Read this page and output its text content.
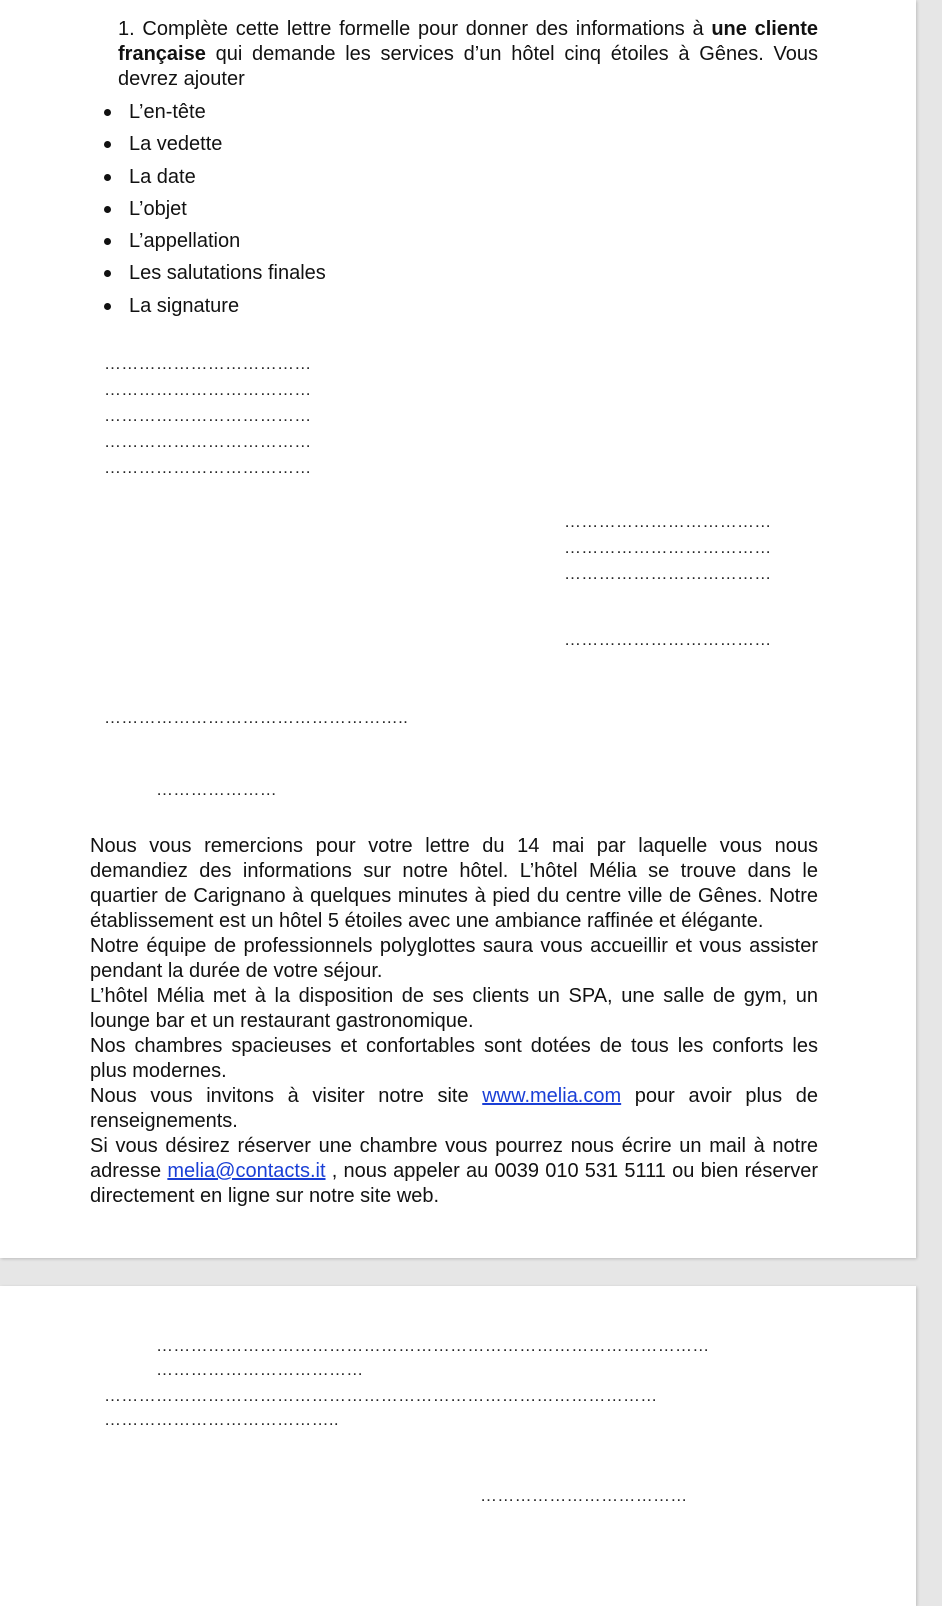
1. Complète cette lettre formelle pour donner des informations à une cliente française qui demande les services d’un hôtel cinq étoiles à Gênes. Vous devrez ajouter

L’en-tête
La vedette
La date
L’objet
L’appellation
Les salutations finales
La signature
………………………………
………………………………
………………………………
………………………………
………………………………
………………………………
………………………………
………………………………
………………………………
……………………………………………..
…………………

Nous vous remercions pour votre lettre du 14 mai par laquelle vous nous demandiez des informations sur notre hôtel. L’hôtel Mélia se trouve dans le quartier de Carignano à quelques minutes à pied du centre ville de Gênes. Notre établissement est un hôtel 5 étoiles avec une ambiance raffinée et élégante.

Notre équipe de professionnels polyglottes saura vous accueillir et vous assister pendant la durée de votre séjour.

L’hôtel Mélia met à la disposition de ses clients un SPA, une salle de gym, un lounge bar et un restaurant gastronomique.

Nos chambres spacieuses et confortables sont dotées de tous les conforts les plus modernes.

Nous vous invitons à visiter notre site www.melia.com pour avoir plus de renseignements.

Si vous désirez réserver une chambre vous pourrez nous écrire un mail à notre adresse melia@contacts.it , nous appeler au 0039 010 531 5111 ou bien réserver directement en ligne sur notre site web.

……………………………………………………………………………………
………………………………
……………………………………………………………………………………
…………………………………..
………………………………
